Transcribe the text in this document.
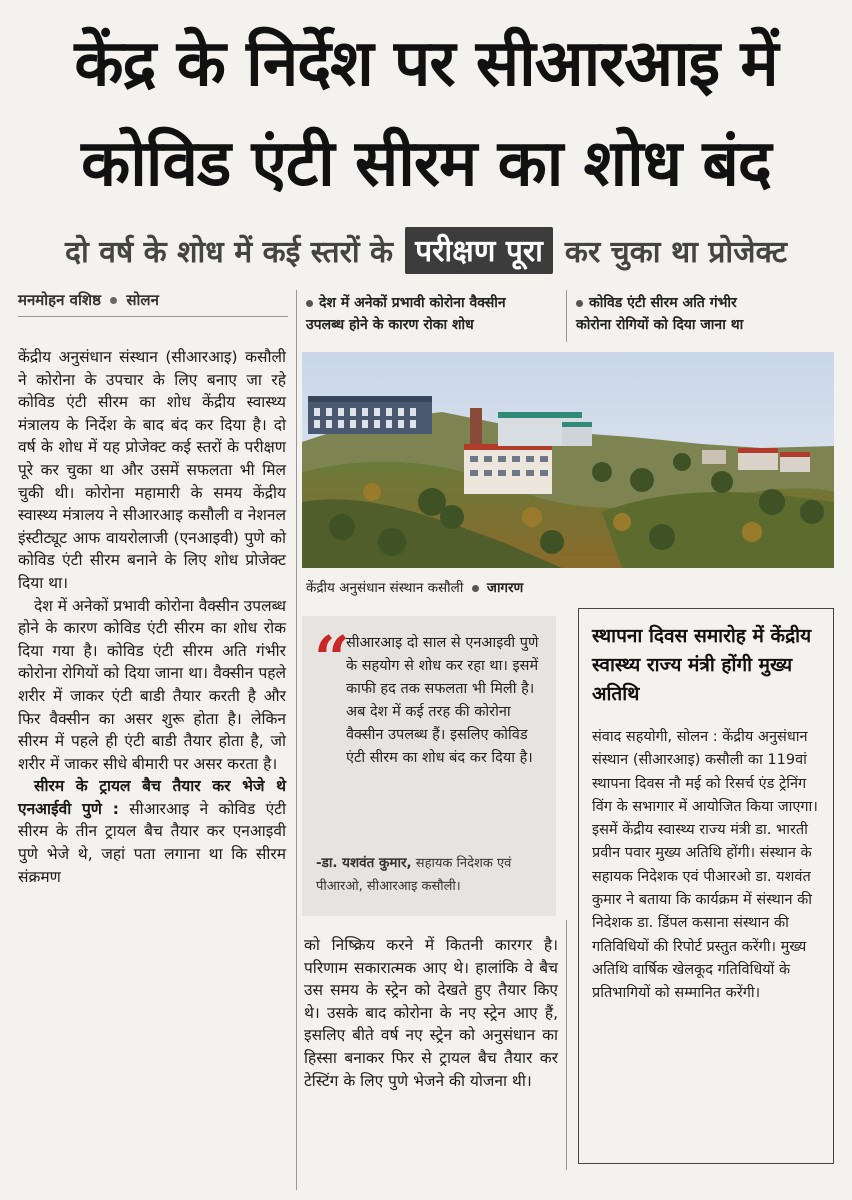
केंद्र के निर्देश पर सीआरआइ में
कोविड एंटी सीरम का शोध बंद
दो वर्ष के शोध में कई स्तरों के परीक्षण पूरा कर चुका था प्रोजेक्ट
मनमोहन वशिष्ठ सोलन	देश में अनेकों प्रभावी कोरोना वैक्सीन
उपलब्ध होने के कारण रोका शोध
कोविड एंटी सीरम अति गंभीर
कोरोना रोगियों को दिया जाना था

केंद्रीय अनुसंधान संस्थान (सीआरआइ) कसौली ने कोरोना के उपचार के लिए बनाए जा रहे कोविड एंटी सीरम का शोध केंद्रीय स्वास्थ्य मंत्रालय के निर्देश के बाद बंद कर दिया है। दो वर्ष के शोध में यह प्रोजेक्ट कई स्तरों के परीक्षण पूरे कर चुका था और उसमें सफलता भी मिल चुकी थी। कोरोना महामारी के समय केंद्रीय स्वास्थ्य मंत्रालय ने सीआरआइ कसौली व नेशनल इंस्टीट्यूट आफ वायरोलाजी (एनआइवी) पुणे को कोविड एंटी सीरम बनाने के लिए शोध प्रोजेक्ट दिया था।

देश में अनेकों प्रभावी कोरोना वैक्सीन उपलब्ध होने के कारण कोविड एंटी सीरम का शोध रोक दिया गया है। कोविड एंटी सीरम अति गंभीर कोरोना रोगियों को दिया जाना था। वैक्सीन पहले शरीर में जाकर एंटी बाडी तैयार करती है और फिर वैक्सीन का असर शुरू होता है। लेकिन सीरम में पहले ही एंटी बाडी तैयार होता है, जो शरीर में जाकर सीधे बीमारी पर असर करता है।

सीरम के ट्रायल बैच तैयार कर भेजे थे एनआईवी पुणे : सीआरआइ ने कोविड एंटी सीरम के तीन ट्रायल बैच तैयार कर एनआइवी पुणे भेजे थे, जहां पता लगाना था कि सीरम संक्रमण

केंद्रीय अनुसंधान संस्थान कसौली जागरण
“
सीआरआइ दो साल से एनआइवी पुणे के सहयोग से शोध कर रहा था। इसमें काफी हद तक सफलता भी मिली है। अब देश में कई तरह की कोरोना वैक्सीन उपलब्ध हैं। इसलिए कोविड एंटी सीरम का शोध बंद कर दिया है।
-डा. यशवंत कुमार, सहायक निदेशक एवं पीआरओ, सीआरआइ कसौली।

को निष्क्रिय करने में कितनी कारगर है। परिणाम सकारात्मक आए थे। हालांकि वे बैच उस समय के स्ट्रेन को देखते हुए तैयार किए थे। उसके बाद कोरोना के नए स्ट्रेन आए हैं, इसलिए बीते वर्ष नए स्ट्रेन को अनुसंधान का हिस्सा बनाकर फिर से ट्रायल बैच तैयार कर टेस्टिंग के लिए पुणे भेजने की योजना थी।

स्थापना दिवस समारोह में केंद्रीय स्वास्थ्य राज्य मंत्री होंगी मुख्य अतिथि
संवाद सहयोगी, सोलन : केंद्रीय अनुसंधान संस्थान (सीआरआइ) कसौली का 119वां स्थापना दिवस नौ मई को रिसर्च एंड ट्रेनिंग विंग के सभागार में आयोजित किया जाएगा। इसमें केंद्रीय स्वास्थ्य राज्य मंत्री डा. भारती प्रवीन पवार मुख्य अतिथि होंगी। संस्थान के सहायक निदेशक एवं पीआरओ डा. यशवंत कुमार ने बताया कि कार्यक्रम में संस्थान की निदेशक डा. डिंपल कसाना संस्थान की गतिविधियों की रिपोर्ट प्रस्तुत करेंगी। मुख्य अतिथि वार्षिक खेलकूद गतिविधियों के प्रतिभागियों को सम्मानित करेंगी।
